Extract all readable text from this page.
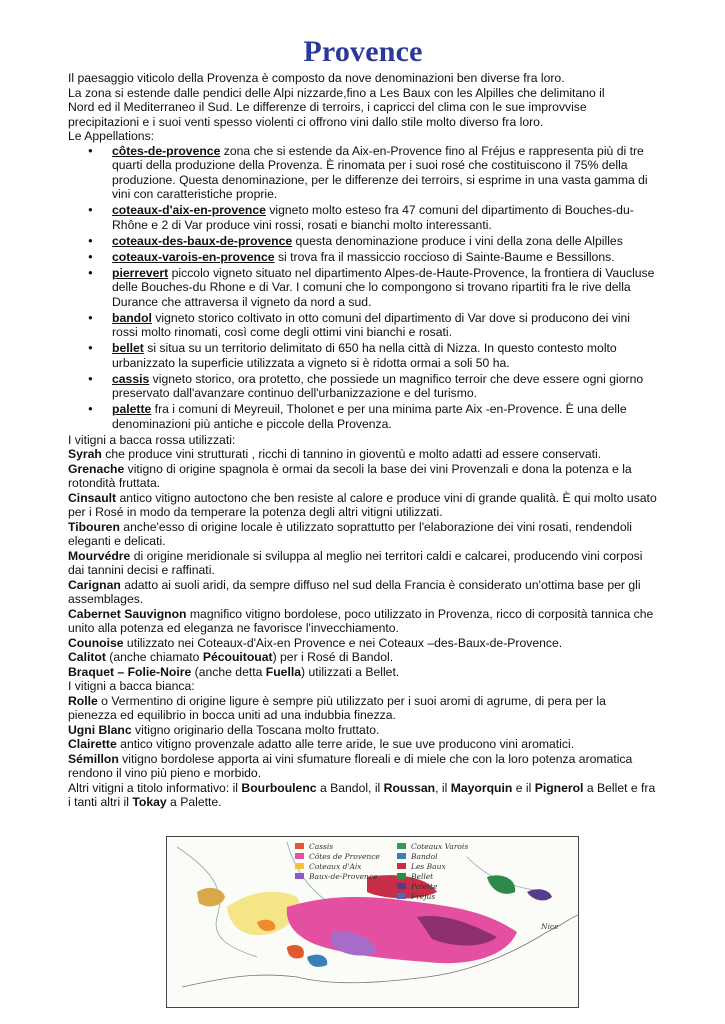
Provence

Il paesaggio viticolo della Provenza è composto da nove denominazioni ben diverse fra loro.

La zona si estende dalle pendici delle Alpi nizzarde,fino a Les Baux con les Alpilles che delimitano il

Nord ed il Mediterraneo il Sud. Le differenze di terroirs, i capricci del clima con le sue improvvise

precipitazioni e i suoi venti spesso violenti ci offrono vini dallo stile molto diverso fra loro.

Le Appellations:

● côtes-de-provence zona che si estende da Aix-en-Provence fino al Fréjus e rappresenta più di tre quarti della produzione della Provenza. È rinomata per i suoi rosé che costituiscono il 75% della produzione. Questa denominazione, per le differenze dei terroirs, si esprime in una vasta gamma di vini con caratteristiche proprie.
● coteaux-d'aix-en-provence vigneto molto esteso fra 47 comuni del dipartimento di Bouches-du-Rhône e 2 di Var produce vini rossi, rosati e bianchi molto interessanti.
● coteaux-des-baux-de-provence questa denominazione produce i vini della zona delle Alpilles
● coteaux-varois-en-provence si trova fra il massiccio roccioso di Sainte-Baume e Bessillons.
● pierrevert piccolo vigneto situato nel dipartimento Alpes-de-Haute-Provence, la frontiera di Vaucluse delle Bouches-du Rhone e di Var. I comuni che lo compongono si trovano ripartiti fra le rive della Durance che attraversa il vigneto da nord a sud.
● bandol vigneto storico coltivato in otto comuni del dipartimento di Var dove si producono dei vini rossi molto rinomati, così come degli ottimi vini bianchi e rosati.
● bellet si situa su un territorio delimitato di 650 ha nella città di Nizza. In questo contesto molto urbanizzato la superficie utilizzata a vigneto si è ridotta ormai a soli 50 ha.
● cassis vigneto storico, ora protetto, che possiede un magnifico terroir che deve essere ogni giorno preservato dall'avanzare continuo dell'urbanizzazione e del turismo.
● palette fra i comuni di Meyreuil, Tholonet e per una minima parte Aix -en-Provence. È una delle denominazioni più antiche e piccole della Provenza.

I vitigni a bacca rossa utilizzati:

Syrah che produce vini strutturati , ricchi di tannino in gioventù e molto adatti ad essere conservati.

Grenache vitigno di origine spagnola è ormai da secoli la base dei vini Provenzali e dona la potenza e la rotondità fruttata.

Cinsault antico vitigno autoctono che ben resiste al calore e produce vini di grande qualità. È qui molto usato per i Rosé in modo da temperare la potenza degli altri vitigni utilizzati.

Tibouren anche'esso di origine locale è utilizzato soprattutto per l'elaborazione dei vini rosati, rendendoli eleganti e delicati.

Mourvédre di origine meridionale si sviluppa al meglio nei territori caldi e calcarei, producendo vini corposi dai tannini decisi e raffinati.

Carignan adatto ai suoli aridi, da sempre diffuso nel sud della Francia è considerato un'ottima base per gli assemblages.

Cabernet Sauvignon magnifico vitigno bordolese, poco utilizzato in Provenza, ricco di corposità tannica che unito alla potenza ed eleganza ne favorisce l'invecchiamento.

Counoise utilizzato nei Coteaux-d'Aix-en Provence e nei Coteaux –des-Baux-de-Provence.

Calitot (anche chiamato Pécouitouat) per i Rosé di Bandol.

Braquet – Folie-Noire (anche detta Fuella) utilizzati a Bellet.

I vitigni a bacca bianca:

Rolle o Vermentino di origine ligure è sempre più utilizzato per i suoi aromi di agrume, di pera per la pienezza ed equilibrio in bocca uniti ad una indubbia finezza.

Ugni Blanc vitigno originario della Toscana molto fruttato.

Clairette antico vitigno provenzale adatto alle terre aride, le sue uve producono vini aromatici.

Sémillon vitigno bordolese apporta ai vini sfumature floreali e di miele che con la loro potenza aromatica rendono il vino più pieno e morbido.

Altri vitigni a titolo informativo: il Bourboulenc a Bandol, il Roussan, il Mayorquin e il Pignerol a Bellet e fra i tanti altri il Tokay a Palette.

Nice
Cassis
Côtes de Provence
Coteaux d'Aix
Baux-de-Provence
Coteaux Varois
Bandol
Les Baux
Bellet
Palette
Fréjus
